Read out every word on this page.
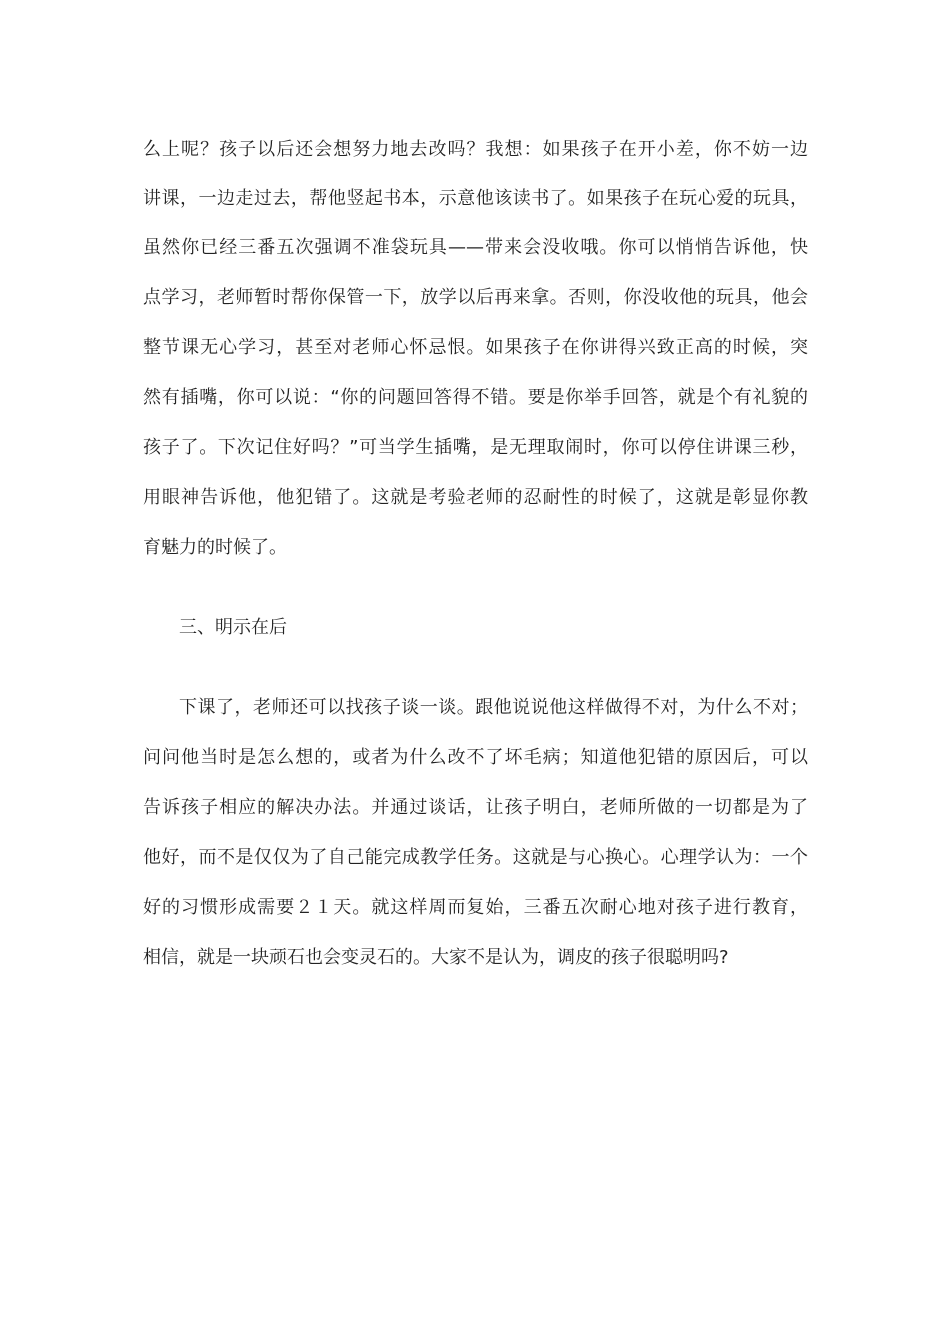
么上呢？孩子以后还会想努力地去改吗？我想：如果孩子在开小差，你不妨一边
讲课，一边走过去，帮他竖起书本，示意他该读书了。如果孩子在玩心爱的玩具，
虽然你已经三番五次强调不准袋玩具——带来会没收哦。你可以悄悄告诉他，快
点学习，老师暂时帮你保管一下，放学以后再来拿。否则，你没收他的玩具，他会
整节课无心学习，甚至对老师心怀忌恨。如果孩子在你讲得兴致正高的时候，突
然有插嘴，你可以说：“你的问题回答得不错。要是你举手回答，就是个有礼貌的
孩子了。下次记住好吗？”可当学生插嘴，是无理取闹时，你可以停住讲课三秒，
用眼神告诉他，他犯错了。这就是考验老师的忍耐性的时候了，这就是彰显你教
育魅力的时候了。
三、明示在后
下课了，老师还可以找孩子谈一谈。跟他说说他这样做得不对，为什么不对；
问问他当时是怎么想的，或者为什么改不了坏毛病；知道他犯错的原因后，可以
告诉孩子相应的解决办法。并通过谈话，让孩子明白，老师所做的一切都是为了
他好，而不是仅仅为了自己能完成教学任务。这就是与心换心。心理学认为：一个
好的习惯形成需要２１天。就这样周而复始，三番五次耐心地对孩子进行教育，
相信，就是一块顽石也会变灵石的。大家不是认为，调皮的孩子很聪明吗?
